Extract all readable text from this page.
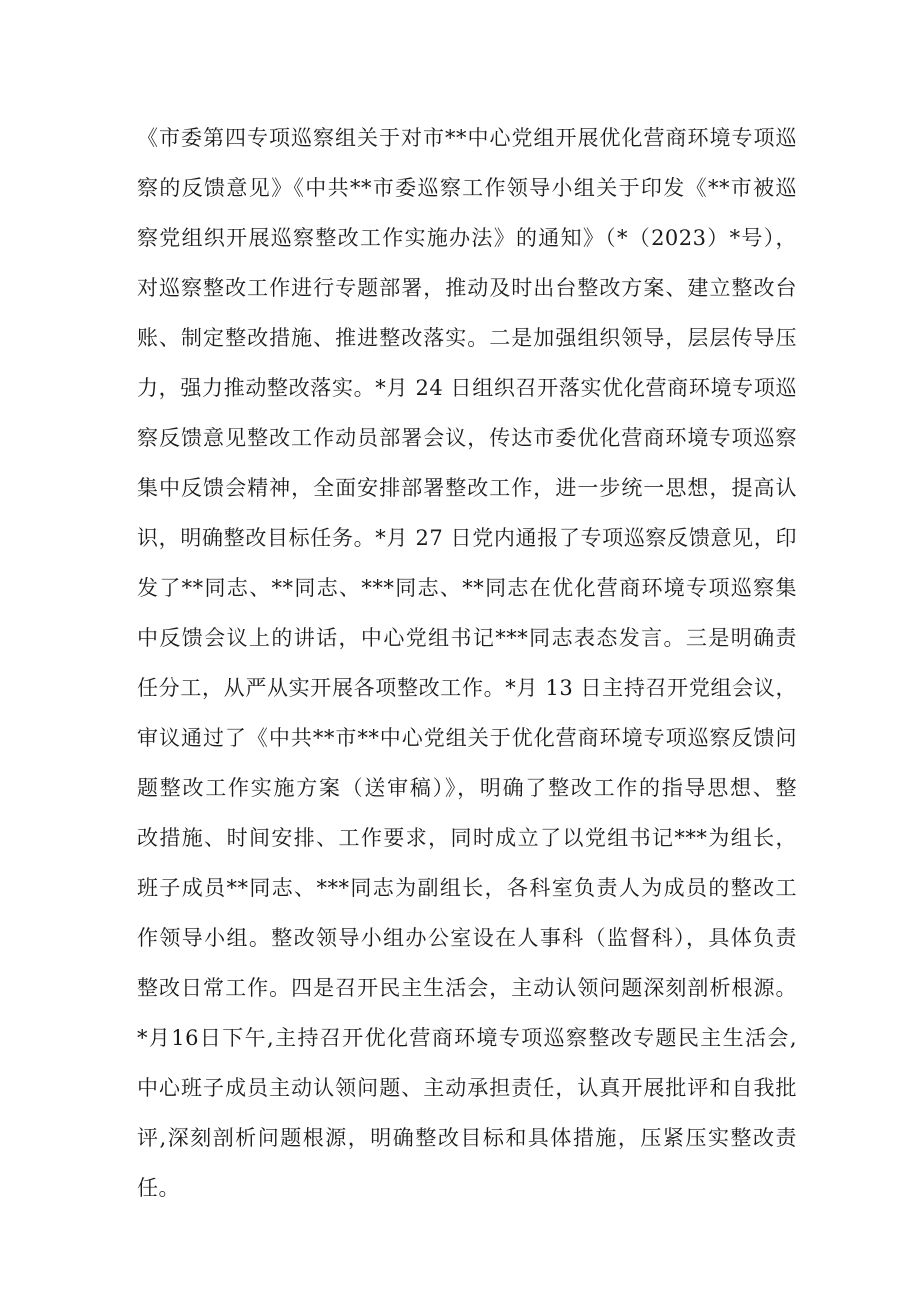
《市委第四专项巡察组关于对市**中心党组开展优化营商环境专项巡
察的反馈意见》《中共**市委巡察工作领导小组关于印发《**市被巡
察党组织开展巡察整改工作实施办法》的通知》（*（2023）*号），
对巡察整改工作进行专题部署，推动及时出台整改方案、建立整改台
账、制定整改措施、推进整改落实。二是加强组织领导，层层传导压
力，强力推动整改落实。*月 24 日组织召开落实优化营商环境专项巡
察反馈意见整改工作动员部署会议，传达市委优化营商环境专项巡察
集中反馈会精神，全面安排部署整改工作，进一步统一思想，提高认
识，明确整改目标任务。*月 27 日党内通报了专项巡察反馈意见，印
发了**同志、**同志、***同志、**同志在优化营商环境专项巡察集
中反馈会议上的讲话，中心党组书记***同志表态发言。三是明确责
任分工，从严从实开展各项整改工作。*月 13 日主持召开党组会议，
审议通过了《中共**市**中心党组关于优化营商环境专项巡察反馈问
题整改工作实施方案（送审稿）》，明确了整改工作的指导思想、整
改措施、时间安排、工作要求，同时成立了以党组书记***为组长，
班子成员**同志、***同志为副组长，各科室负责人为成员的整改工
作领导小组。整改领导小组办公室设在人事科（监督科），具体负责
整改日常工作。四是召开民主生活会，主动认领问题深刻剖析根源。
*月16日下午,主持召开优化营商环境专项巡察整改专题民主生活会,
中心班子成员主动认领问题、主动承担责任，认真开展批评和自我批
评,深刻剖析问题根源，明确整改目标和具体措施，压紧压实整改责
任。
